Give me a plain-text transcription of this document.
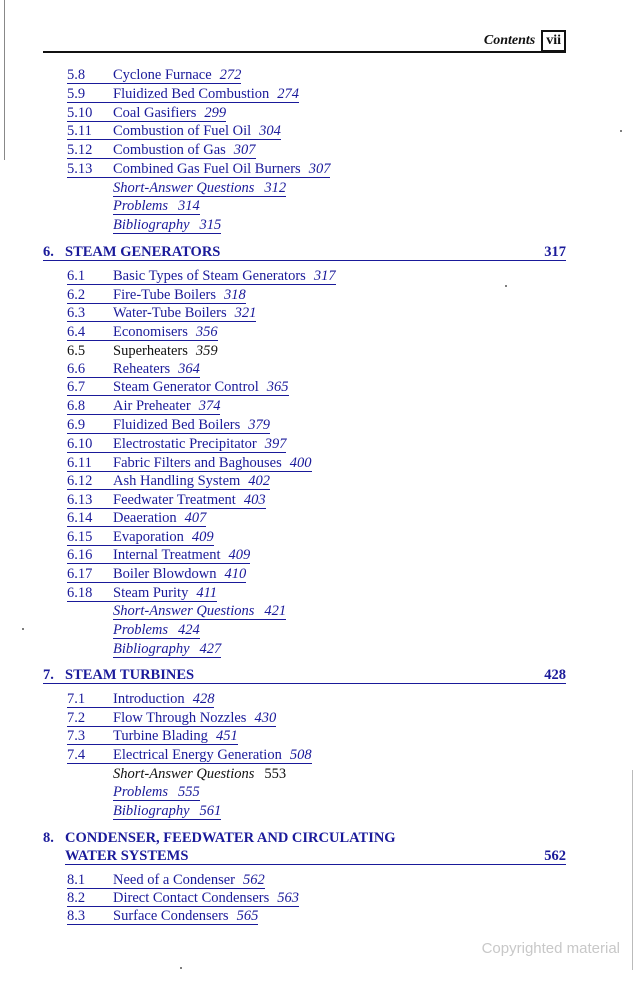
Contents vii
5.8 Cyclone Furnace 272
5.9 Fluidized Bed Combustion 274
5.10 Coal Gasifiers 299
5.11 Combustion of Fuel Oil 304
5.12 Combustion of Gas 307
5.13 Combined Gas Fuel Oil Burners 307
Short-Answer Questions 312
Problems 314
Bibliography 315
6. STEAM GENERATORS	317
6.1 Basic Types of Steam Generators 317
6.2 Fire-Tube Boilers 318
6.3 Water-Tube Boilers 321
6.4 Economisers 356
6.5 Superheaters 359
6.6 Reheaters 364
6.7 Steam Generator Control 365
6.8 Air Preheater 374
6.9 Fluidized Bed Boilers 379
6.10 Electrostatic Precipitator 397
6.11 Fabric Filters and Baghouses 400
6.12 Ash Handling System 402
6.13 Feedwater Treatment 403
6.14 Deaeration 407
6.15 Evaporation 409
6.16 Internal Treatment 409
6.17 Boiler Blowdown 410
6.18 Steam Purity 411
Short-Answer Questions 421
Problems 424
Bibliography 427
7. STEAM TURBINES	428
7.1 Introduction 428
7.2 Flow Through Nozzles 430
7.3 Turbine Blading 451
7.4 Electrical Energy Generation 508
Short-Answer Questions 553
Problems 555
Bibliography 561
8. CONDENSER, FEEDWATER AND CIRCULATING
WATER SYSTEMS	562
8.1 Need of a Condenser 562
8.2 Direct Contact Condensers 563
8.3 Surface Condensers 565
Copyrighted material
